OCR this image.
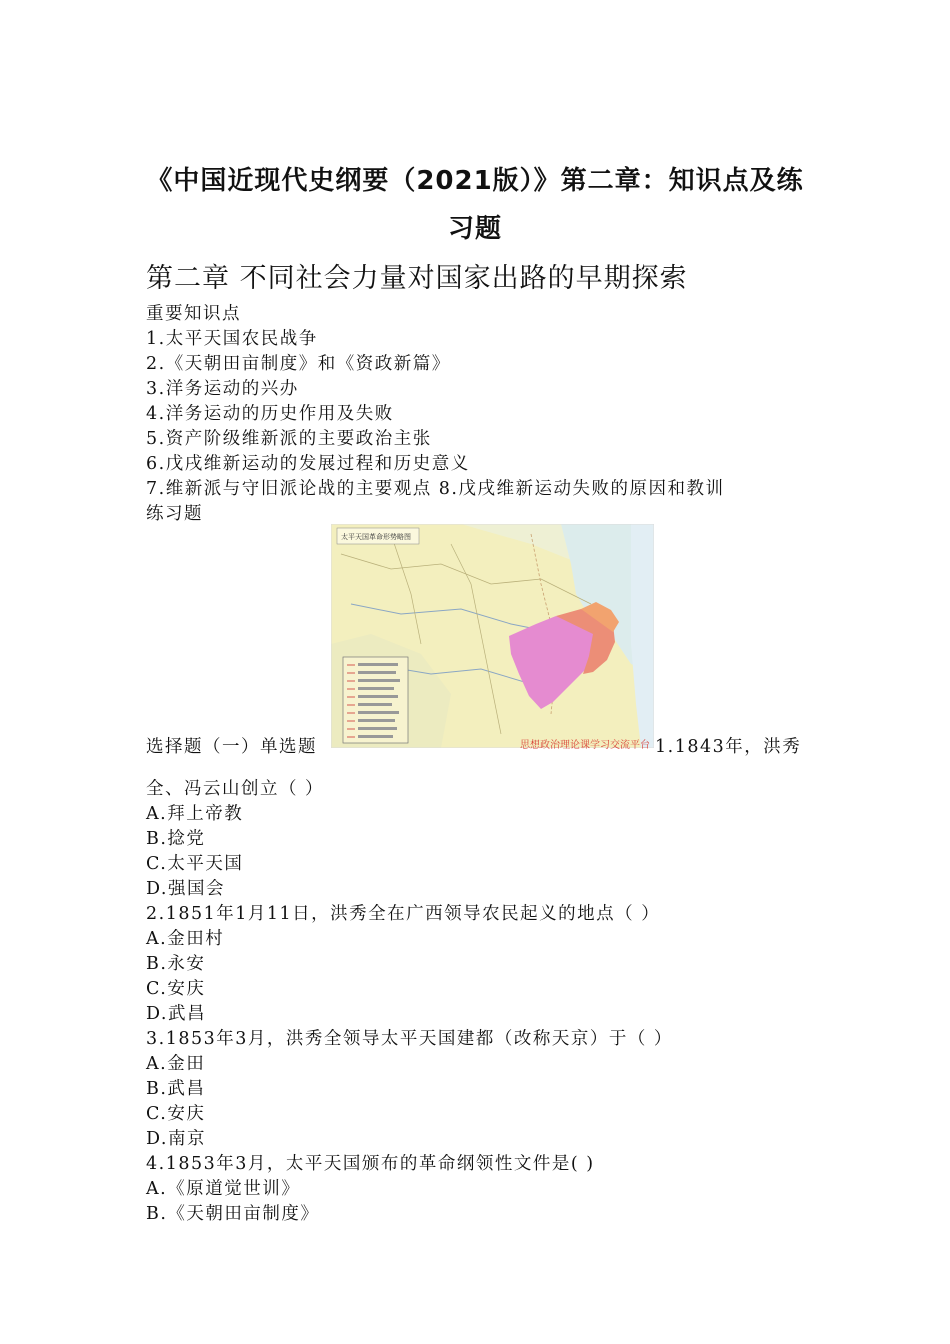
《中国近现代史纲要（2021版）》第二章：知识点及练
习题
第二章 不同社会力量对国家出路的早期探索
重要知识点
1.太平天国农民战争
2.《天朝田亩制度》和《资政新篇》
3.洋务运动的兴办
4.洋务运动的历史作用及失败
5.资产阶级维新派的主要政治主张
6.戊戌维新运动的发展过程和历史意义
7.维新派与守旧派论战的主要观点 8.戊戌维新运动失败的原因和教训
练习题
太平天国革命形势略图
思想政治理论课学习交流平台
选择题（一）单选题	1.1843年，洪秀
全、冯云山创立（ ）
A.拜上帝教
B.捻党
C.太平天国
D.强国会
2.1851年1月11日，洪秀全在广西领导农民起义的地点（ ）
A.金田村
B.永安
C.安庆
D.武昌
3.1853年3月，洪秀全领导太平天国建都（改称天京）于（ ）
A.金田
B.武昌
C.安庆
D.南京
4.1853年3月，太平天国颁布的革命纲领性文件是( )
A.《原道觉世训》
B.《天朝田亩制度》
